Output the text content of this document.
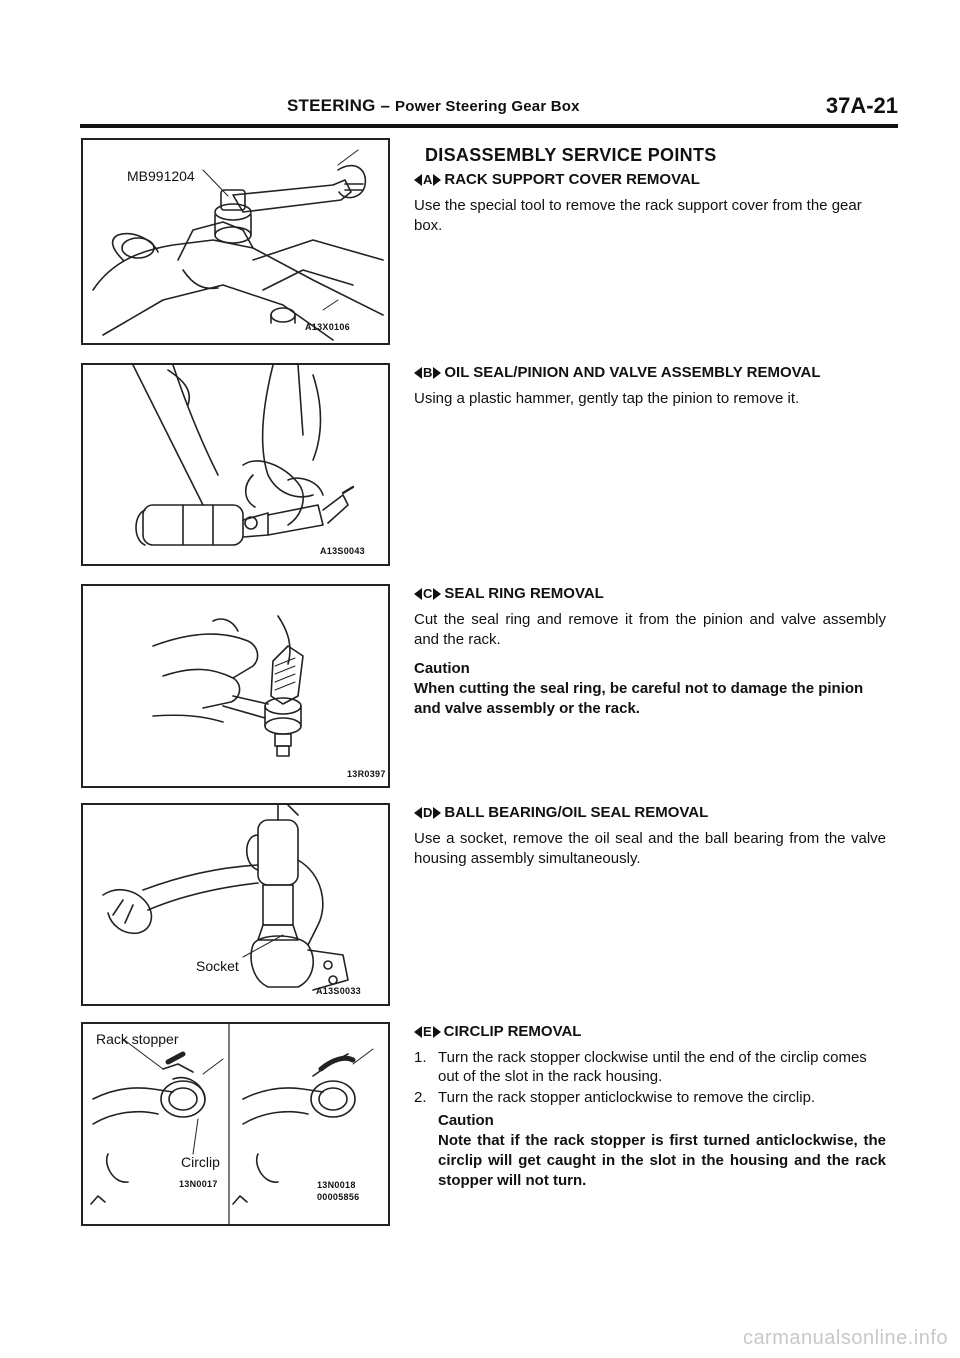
STEERING – Power Steering Gear Box	37A-21
MB991204
A13X0106
A13S0043
13R0397
Socket
A13S0033
Rack stopper
Circlip
13N0017	13N0018
00005856
DISASSEMBLY SERVICE POINTS
A RACK SUPPORT COVER REMOVAL
Use the special tool to remove the rack support cover from the gear box.
B OIL SEAL/PINION AND VALVE ASSEMBLY REMOVAL
Using a plastic hammer, gently tap the pinion to remove it.
C SEAL RING REMOVAL
Cut the seal ring and remove it from the pinion and valve assembly and the rack.
Caution
When cutting the seal ring, be careful not to damage the pinion and valve assembly or the rack.
D BALL BEARING/OIL SEAL REMOVAL
Use a socket, remove the oil seal and the ball bearing from the valve housing assembly simultaneously.
E CIRCLIP REMOVAL
1. Turn the rack stopper clockwise until the end of the circlip comes out of the slot in the rack housing.
2. Turn the rack stopper anticlockwise to remove the circlip.
Caution
Note that if the rack stopper is first turned anticlockwise, the circlip will get caught in the slot in the housing and the rack stopper will not turn.
carmanualsonline.info
